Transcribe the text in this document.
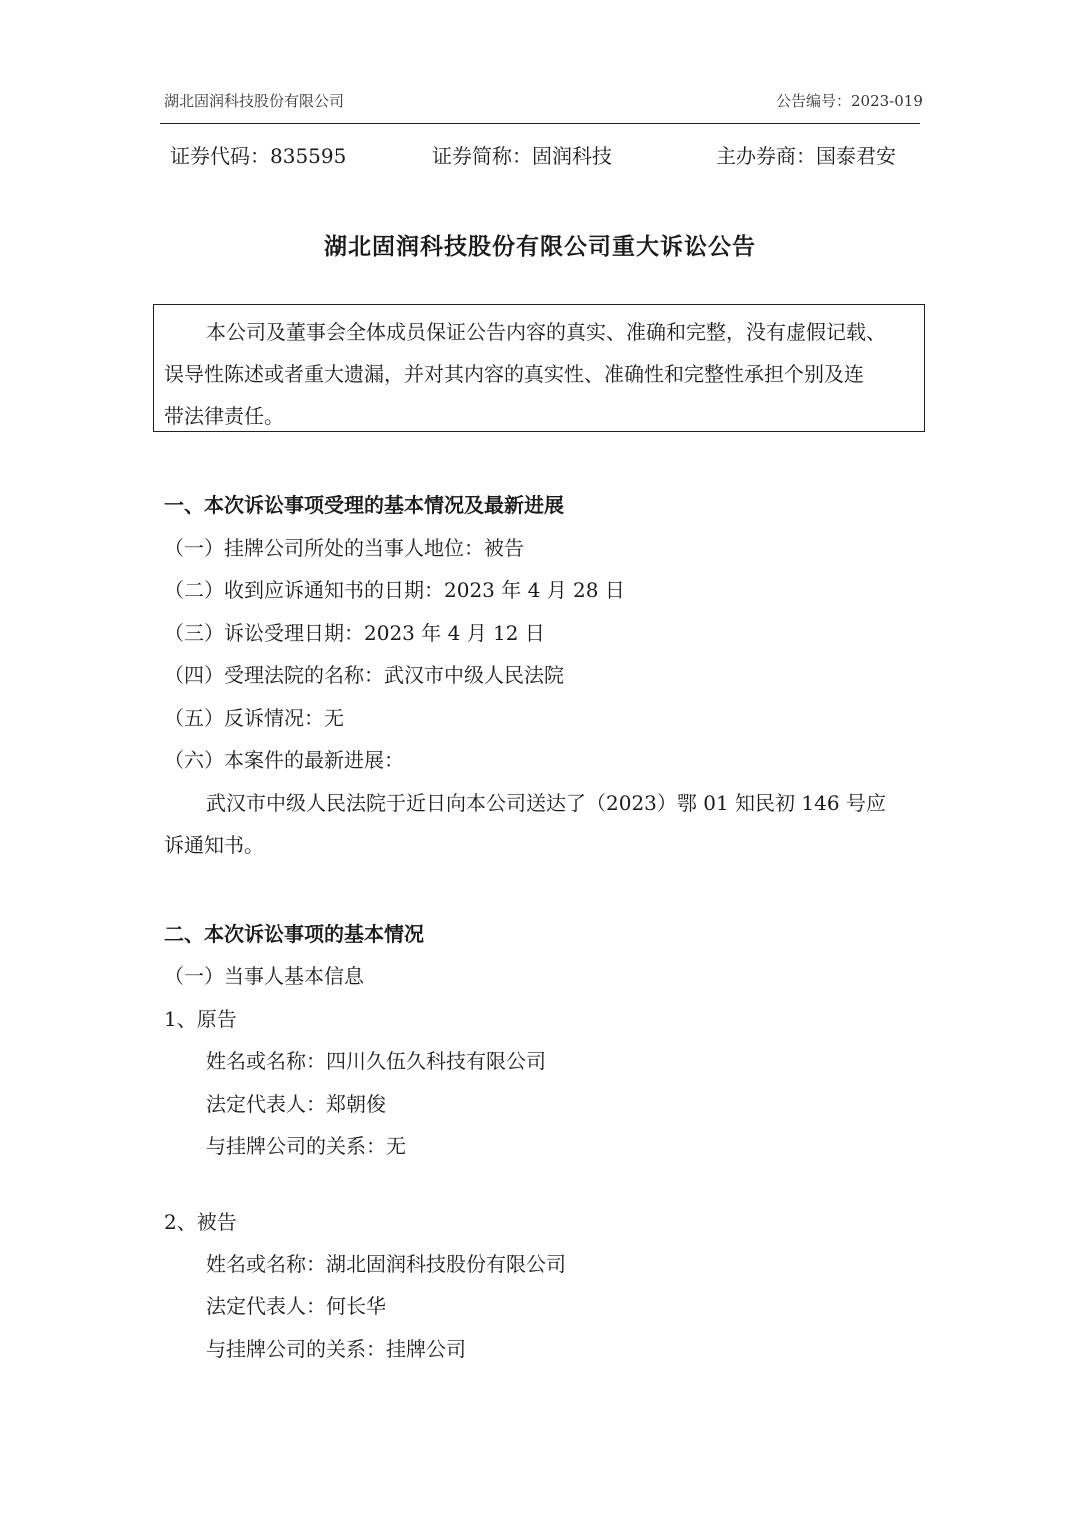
湖北固润科技股份有限公司	公告编号：2023-019
证券代码：835595	证券简称：固润科技	主办券商：国泰君安
湖北固润科技股份有限公司重大诉讼公告
本公司及董事会全体成员保证公告内容的真实、准确和完整，没有虚假记载、
误导性陈述或者重大遗漏，并对其内容的真实性、准确性和完整性承担个别及连
带法律责任。
一、本次诉讼事项受理的基本情况及最新进展
（一）挂牌公司所处的当事人地位：被告
（二）收到应诉通知书的日期：2023 年 4 月 28 日
（三）诉讼受理日期：2023 年 4 月 12 日
（四）受理法院的名称：武汉市中级人民法院
（五）反诉情况：无
（六）本案件的最新进展：
武汉市中级人民法院于近日向本公司送达了（2023）鄂 01 知民初 146 号应
诉通知书。
二、本次诉讼事项的基本情况
（一）当事人基本信息
1、原告
姓名或名称：四川久伍久科技有限公司
法定代表人：郑朝俊
与挂牌公司的关系：无
2、被告
姓名或名称：湖北固润科技股份有限公司
法定代表人：何长华
与挂牌公司的关系：挂牌公司
